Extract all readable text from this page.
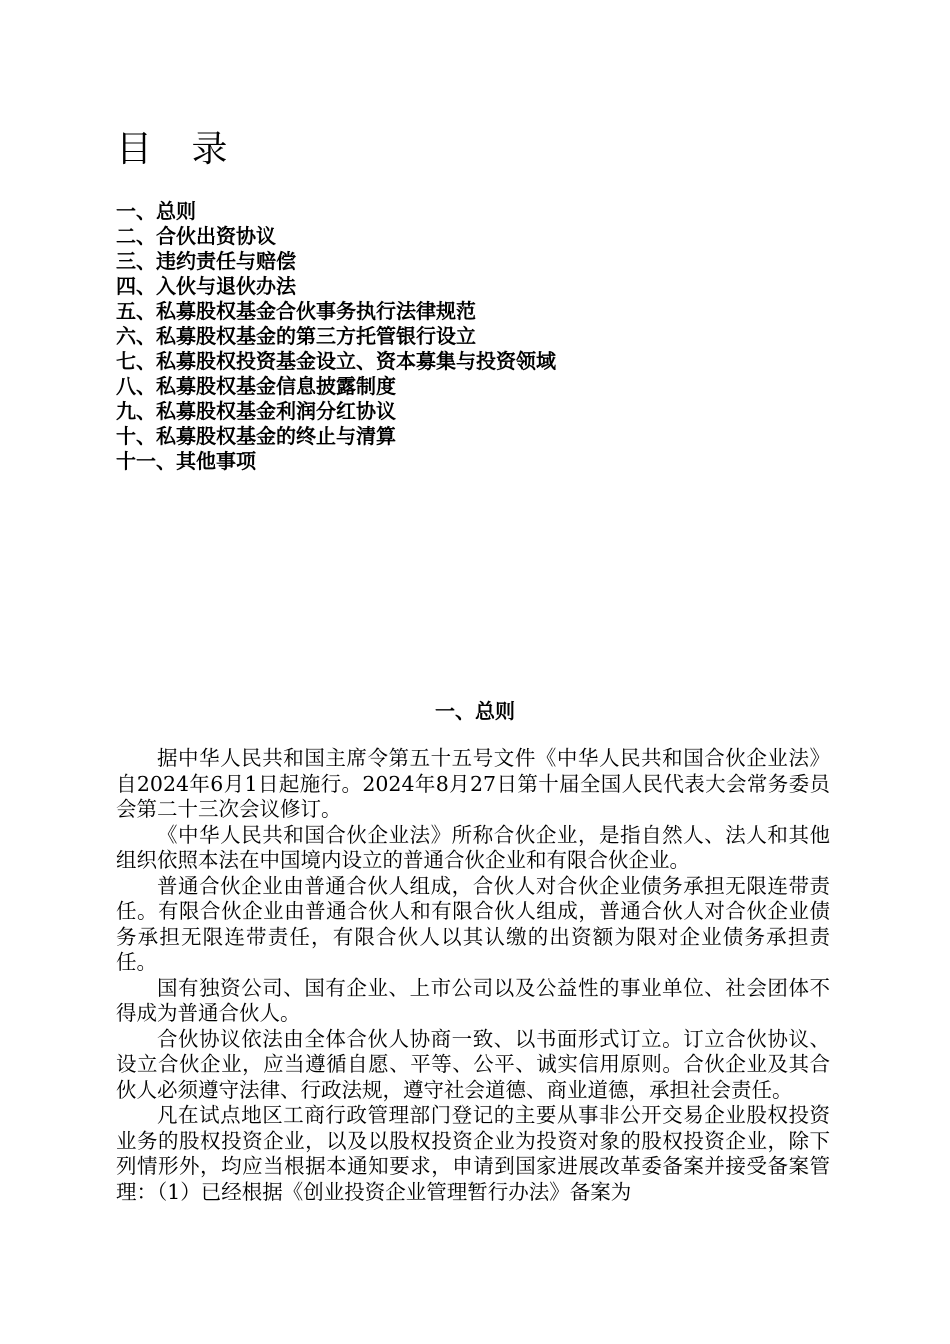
目 录
一、总则
二、合伙出资协议
三、违约责任与赔偿
四、入伙与退伙办法
五、私募股权基金合伙事务执行法律规范
六、私募股权基金的第三方托管银行设立
七、私募股权投资基金设立、资本募集与投资领域
八、私募股权基金信息披露制度
九、私募股权基金利润分红协议
十、私募股权基金的终止与清算
十一、其他事项
一、总则

据中华人民共和国主席令第五十五号文件《中华人民共和国合伙企业法》自2024年6月1日起施行。2024年8月27日第十届全国人民代表大会常务委员会第二十三次会议修订。

《中华人民共和国合伙企业法》所称合伙企业，是指自然人、法人和其他组织依照本法在中国境内设立的普通合伙企业和有限合伙企业。

普通合伙企业由普通合伙人组成，合伙人对合伙企业债务承担无限连带责任。有限合伙企业由普通合伙人和有限合伙人组成，普通合伙人对合伙企业债务承担无限连带责任，有限合伙人以其认缴的出资额为限对企业债务承担责任。

国有独资公司、国有企业、上市公司以及公益性的事业单位、社会团体不得成为普通合伙人。

合伙协议依法由全体合伙人协商一致、以书面形式订立。订立合伙协议、设立合伙企业，应当遵循自愿、平等、公平、诚实信用原则。合伙企业及其合伙人必须遵守法律、行政法规，遵守社会道德、商业道德，承担社会责任。

凡在试点地区工商行政管理部门登记的主要从事非公开交易企业股权投资业务的股权投资企业，以及以股权投资企业为投资对象的股权投资企业，除下列情形外，均应当根据本通知要求，申请到国家进展改革委备案并接受备案管理：（1）已经根据《创业投资企业管理暂行办法》备案为
